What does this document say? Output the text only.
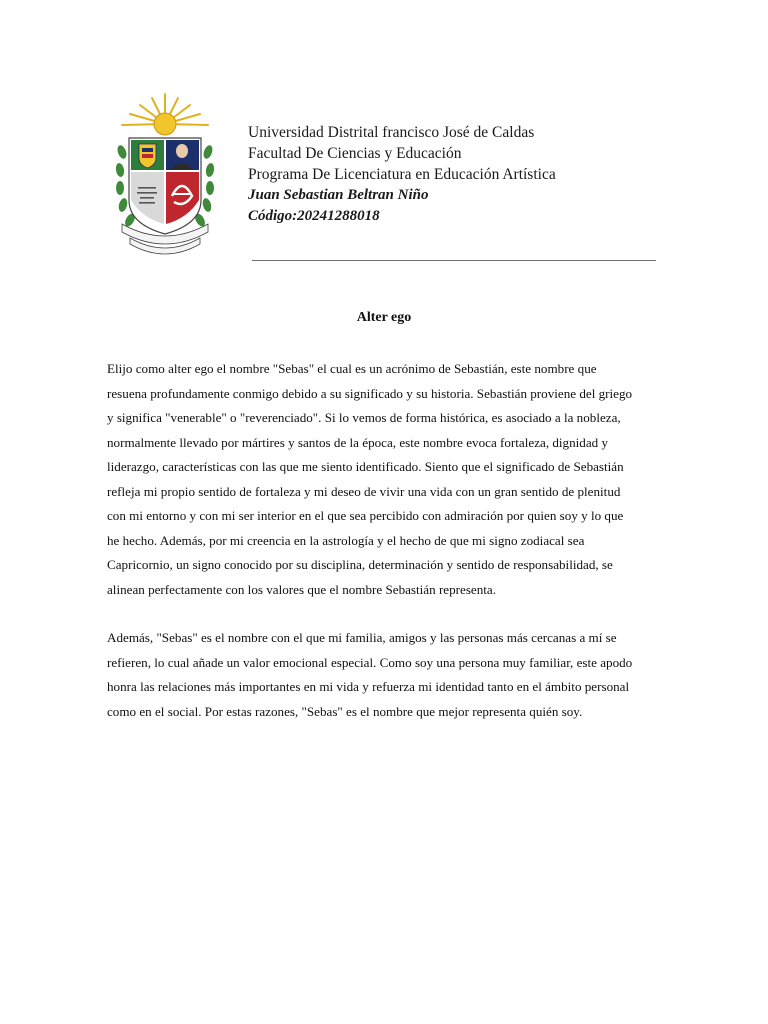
Universidad Distrital francisco José de Caldas
Facultad De Ciencias y Educación
Programa De Licenciatura en Educación Artística
Juan Sebastian Beltran Niño
Código:20241288018
Alter ego

Elijo como alter ego el nombre "Sebas" el cual es un acrónimo de Sebastián, este nombre que
resuena profundamente conmigo debido a su significado y su historia. Sebastián proviene del griego
y significa "venerable" o "reverenciado". Si lo vemos de forma histórica, es asociado a la nobleza,
normalmente llevado por mártires y santos de la época, este nombre evoca fortaleza, dignidad y
liderazgo, características con las que me siento identificado. Siento que el significado de Sebastián
refleja mi propio sentido de fortaleza y mi deseo de vivir una vida con un gran sentido de plenitud
con mi entorno y con mi ser interior en el que sea percibido con admiración por quien soy y lo que
he hecho. Además, por mi creencia en la astrología y el hecho de que mi signo zodiacal sea
Capricornio, un signo conocido por su disciplina, determinación y sentido de responsabilidad, se
alinean perfectamente con los valores que el nombre Sebastián representa.

Además, "Sebas" es el nombre con el que mi familia, amigos y las personas más cercanas a mí se
refieren, lo cual añade un valor emocional especial. Como soy una persona muy familiar, este apodo
honra las relaciones más importantes en mi vida y refuerza mi identidad tanto en el ámbito personal
como en el social. Por estas razones, "Sebas" es el nombre que mejor representa quién soy.
